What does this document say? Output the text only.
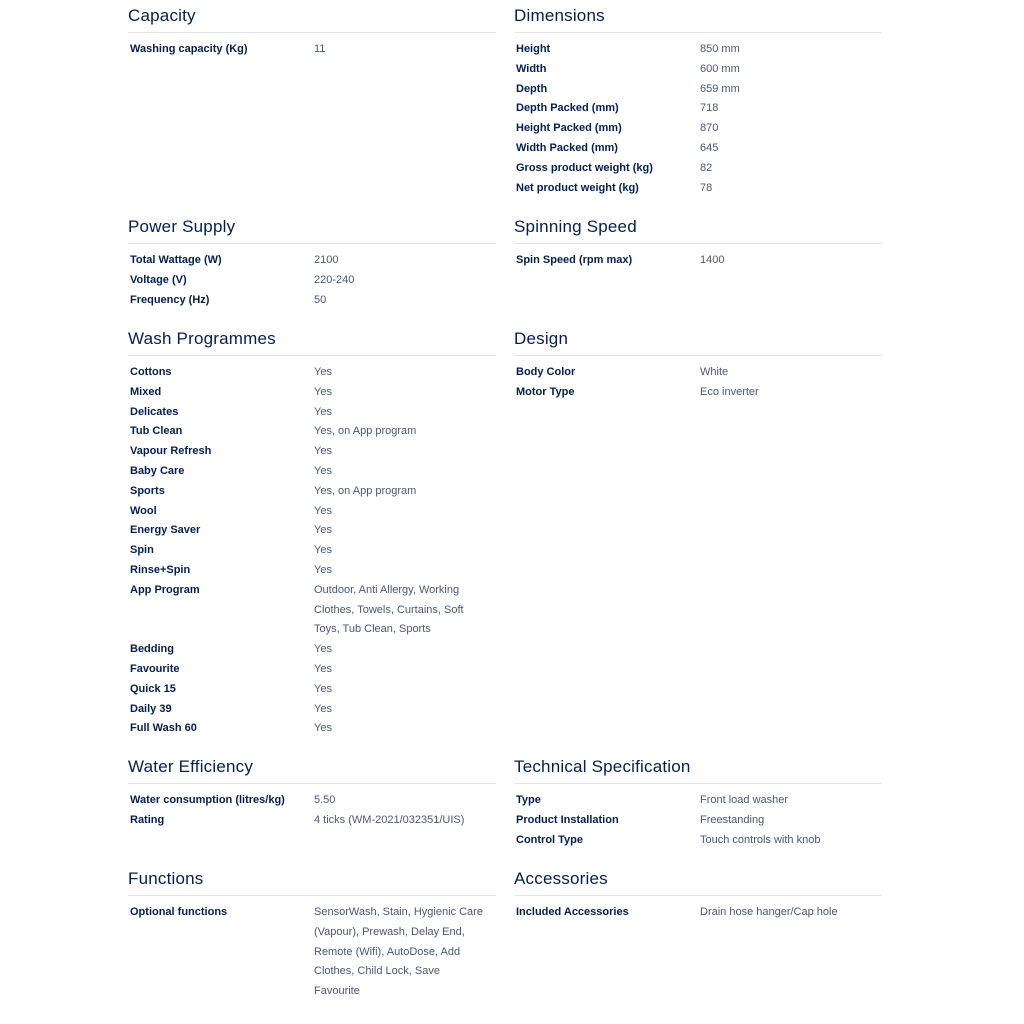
Capacity
Washing capacity (Kg)	11
Dimensions
Height	850 mm
Width	600 mm
Depth	659 mm
Depth Packed (mm)	718
Height Packed (mm)	870
Width Packed (mm)	645
Gross product weight (kg)	82
Net product weight (kg)	78
Power Supply
Total Wattage (W)	2100
Voltage (V)	220-240
Frequency (Hz)	50
Spinning Speed
Spin Speed (rpm max)	1400
Wash Programmes
Cottons	Yes
Mixed	Yes
Delicates	Yes
Tub Clean	Yes, on App program
Vapour Refresh	Yes
Baby Care	Yes
Sports	Yes, on App program
Wool	Yes
Energy Saver	Yes
Spin	Yes
Rinse+Spin	Yes
App Program	Outdoor, Anti Allergy, Working Clothes, Towels, Curtains, Soft Toys, Tub Clean, Sports
Bedding	Yes
Favourite	Yes
Quick 15	Yes
Daily 39	Yes
Full Wash 60	Yes
Design
Body Color	White
Motor Type	Eco inverter
Water Efficiency
Water consumption (litres/kg)	5.50
Rating	4 ticks (WM-2021/032351/UIS)
Technical Specification
Type	Front load washer
Product Installation	Freestanding
Control Type	Touch controls with knob
Functions
Optional functions	SensorWash, Stain, Hygienic Care (Vapour), Prewash, Delay End, Remote (Wifi), AutoDose, Add Clothes, Child Lock, Save Favourite
Accessories
Included Accessories	Drain hose hanger/Cap hole
